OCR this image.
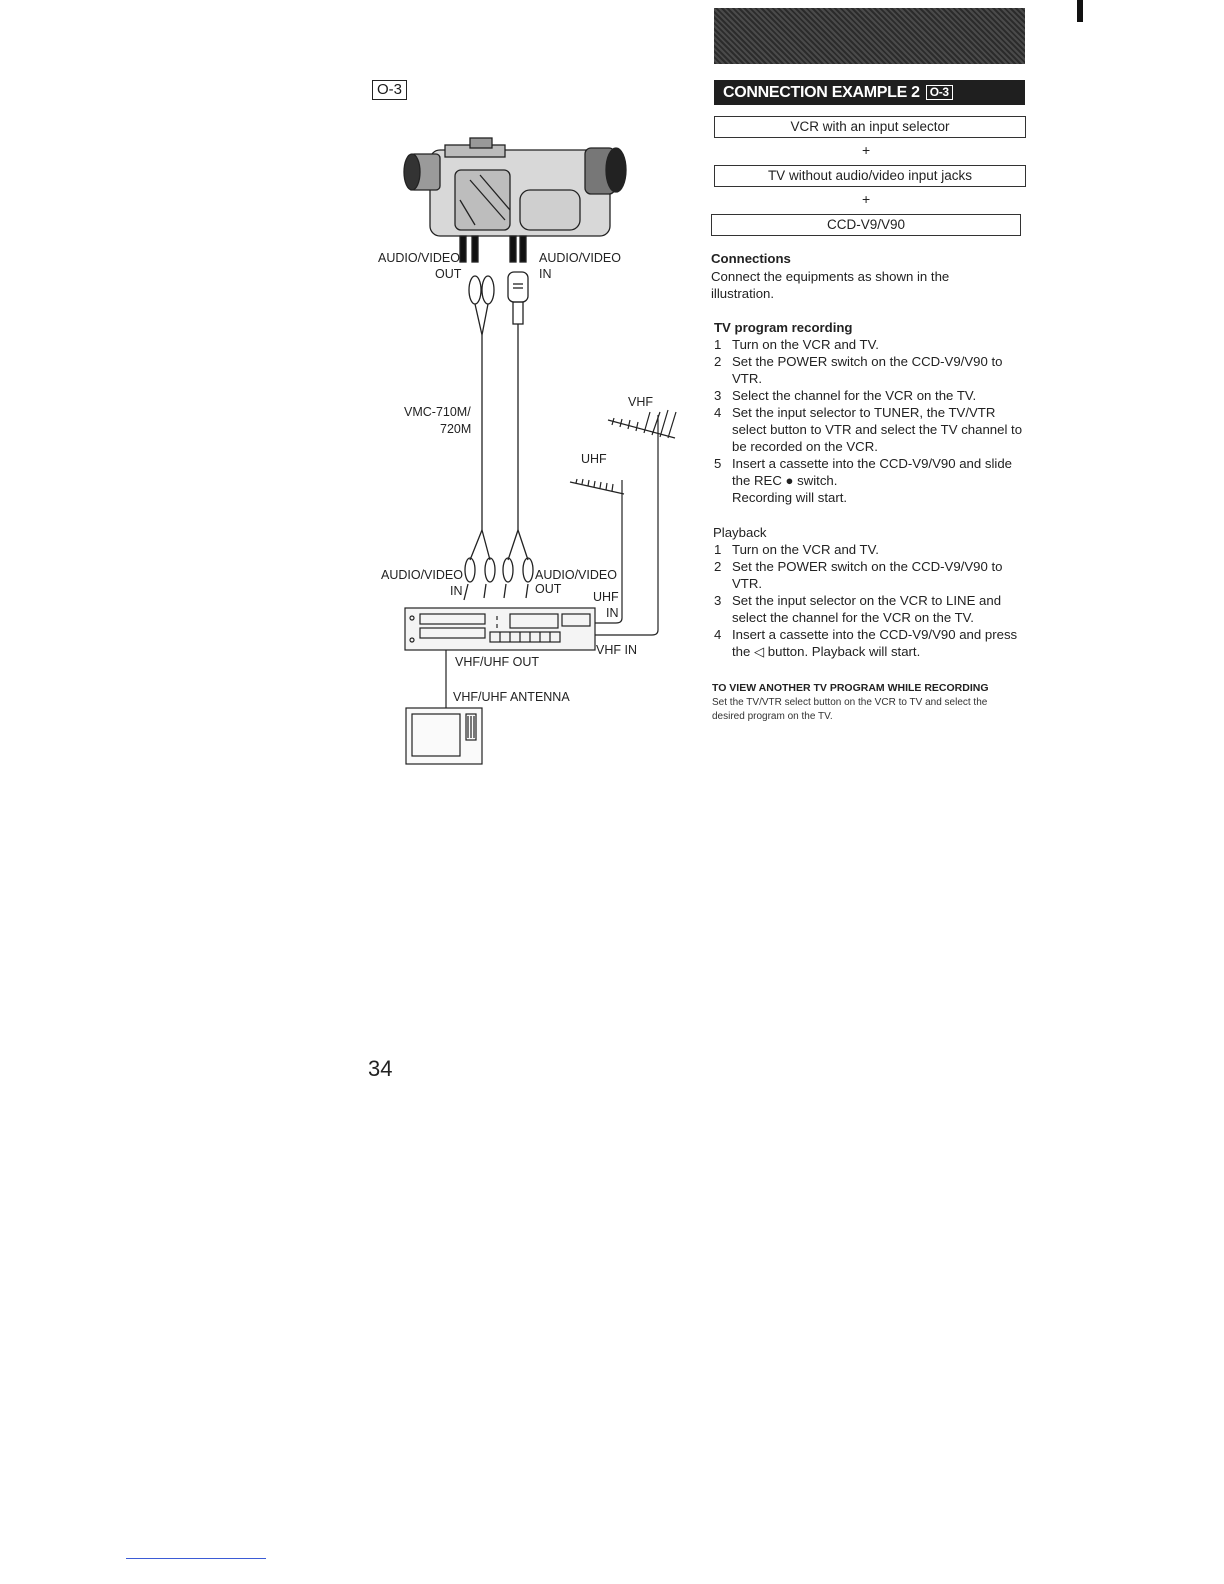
O-3
AUDIO/VIDEO
OUT
AUDIO/VIDEO
IN
VMC-710M/
720M
VHF
UHF
AUDIO/VIDEO
IN
AUDIO/VIDEO
OUT
UHF
IN
VHF IN
VHF/UHF OUT
VHF/UHF ANTENNA
CONNECTION EXAMPLE 2 O-3
VCR with an input selector
+
TV without audio/video input jacks
+
CCD-V9/V90
Connections
Connect the equipments as shown in the illustration.
TV program recording
1 Turn on the VCR and TV.
2 Set the POWER switch on the CCD-V9/V90 to VTR.
3 Select the channel for the VCR on the TV.
4 Set the input selector to TUNER, the TV/VTR select button to VTR and select the TV channel to be recorded on the VCR.
5 Insert a cassette into the CCD-V9/V90 and slide the REC ● switch.
Recording will start.
Playback
1 Turn on the VCR and TV.
2 Set the POWER switch on the CCD-V9/V90 to VTR.
3 Set the input selector on the VCR to LINE and select the channel for the VCR on the TV.
4 Insert a cassette into the CCD-V9/V90 and press the ◁ button. Playback will start.
TO VIEW ANOTHER TV PROGRAM WHILE RECORDING
Set the TV/VTR select button on the VCR to TV and select the desired program on the TV.
34
